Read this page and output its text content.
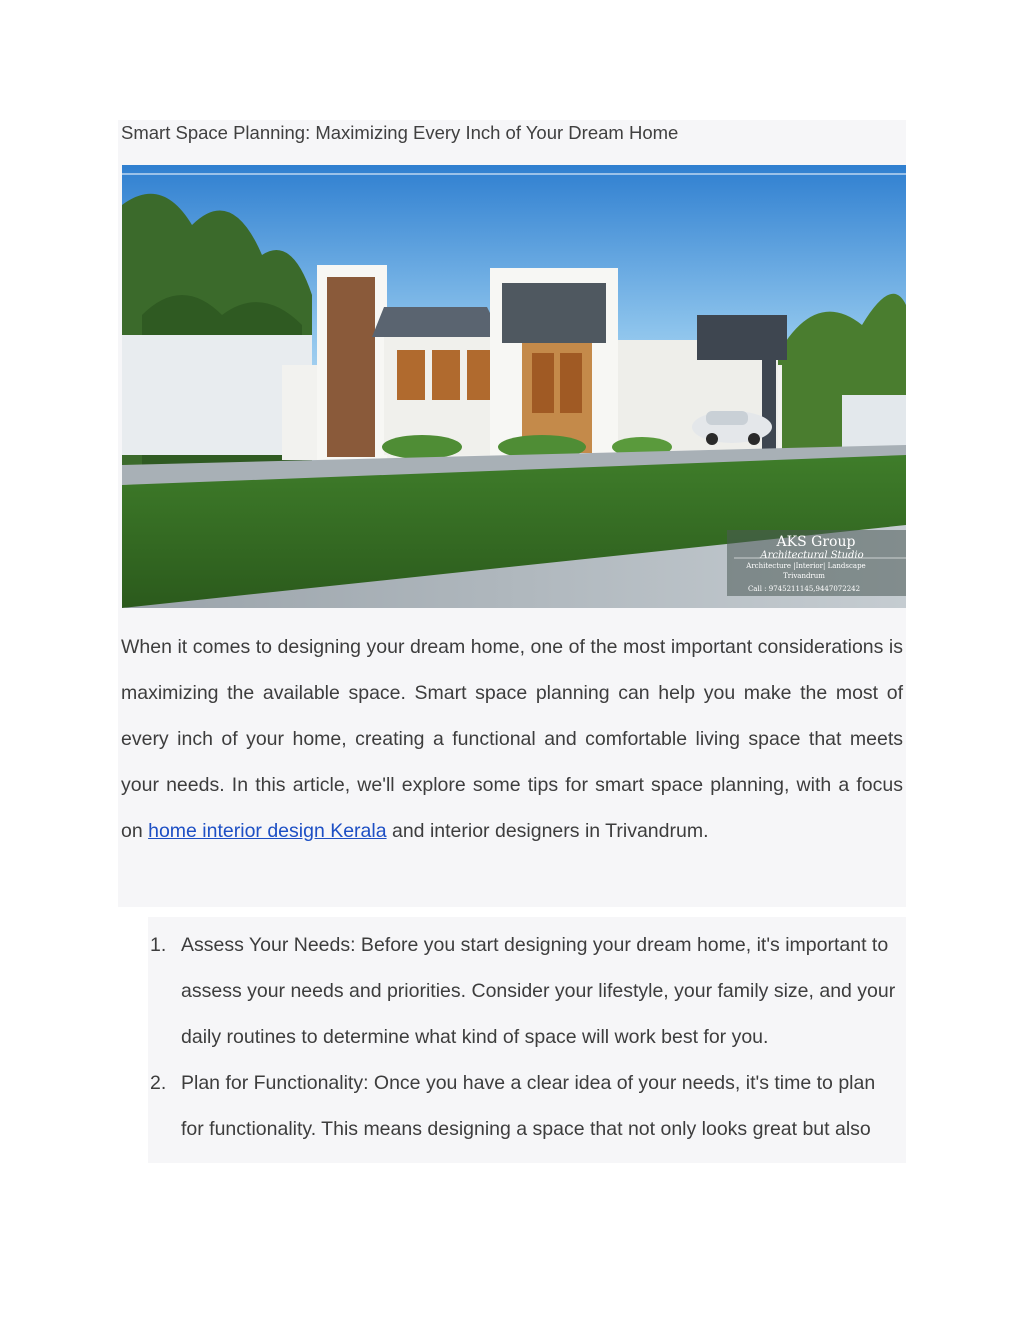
Smart Space Planning: Maximizing Every Inch of Your Dream Home
AKS Group
Architectural Studio
Architecture |Interior| Landscape
Trivandrum
Call : 9745211145,9447072242

When it comes to designing your dream home, one of the most important considerations is maximizing the available space. Smart space planning can help you make the most of every inch of your home, creating a functional and comfortable living space that meets your needs. In this article, we'll explore some tips for smart space planning, with a focus on home interior design Kerala and interior designers in Trivandrum.

1. Assess Your Needs: Before you start designing your dream home, it's important to assess your needs and priorities. Consider your lifestyle, your family size, and your daily routines to determine what kind of space will work best for you.
2. Plan for Functionality: Once you have a clear idea of your needs, it's time to plan for functionality. This means designing a space that not only looks great but also
